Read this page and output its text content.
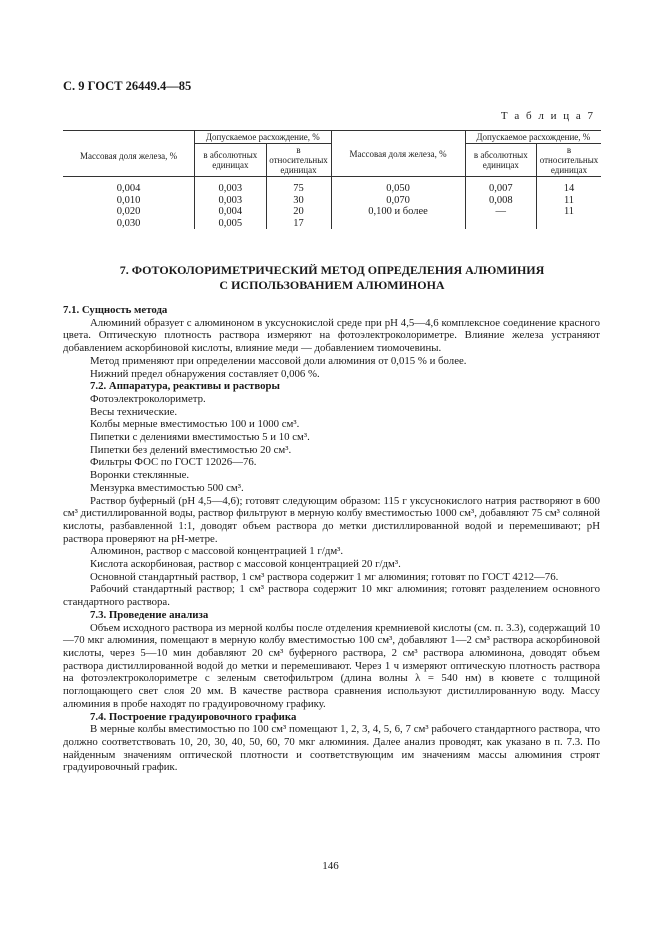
С. 9 ГОСТ 26449.4—85
Т а б л и ц а 7
Массовая доля железа, %	Допускаемое расхождение, %		Массовая доля железа, %	Допускаемое расхождение, %	
	в абсолютных единицах	в относительных единицах		в абсолютных единицах	в относительных единицах
0,004	0,003	75	0,050	0,007	14
0,010	0,003	30	0,070	0,008	11
0,020	0,004	20	0,100 и более	—	11
0,030	0,005	17			
7. ФОТОКОЛОРИМЕТРИЧЕСКИЙ МЕТОД ОПРЕДЕЛЕНИЯ АЛЮМИНИЯ
С ИСПОЛЬЗОВАНИЕМ АЛЮМИНОНА
7.1. Сущность метода

Алюминий образует с алюминоном в уксуснокислой среде при pH 4,5—4,6 комплексное соединение красного цвета. Оптическую плотность раствора измеряют на фотоэлектроколориметре. Влияние железа устраняют добавлением аскорбиновой кислоты, влияние меди — добавлением тиомочевины.

Метод применяют при определении массовой доли алюминия от 0,015 % и более.

Нижний предел обнаружения составляет 0,006 %.

7.2. Аппаратура, реактивы и растворы

Фотоэлектроколориметр.

Весы технические.

Колбы мерные вместимостью 100 и 1000 см³.

Пипетки с делениями вместимостью 5 и 10 см³.

Пипетки без делений вместимостью 20 см³.

Фильтры ФОС по ГОСТ 12026—76.

Воронки стеклянные.

Мензурка вместимостью 500 см³.

Раствор буферный (рН 4,5—4,6); готовят следующим образом: 115 г уксуснокислого натрия растворяют в 600 см³ дистиллированной воды, раствор фильтруют в мерную колбу вместимостью 1000 см³, добавляют 75 см³ соляной кислоты, разбавленной 1:1, доводят объем раствора до метки дистиллированной водой и перемешивают; рН раствора проверяют на рН-метре.

Алюминон, раствор с массовой концентрацией 1 г/дм³.

Кислота аскорбиновая, раствор с массовой концентрацией 20 г/дм³.

Основной стандартный раствор, 1 см³ раствора содержит 1 мг алюминия; готовят по ГОСТ 4212—76.

Рабочий стандартный раствор; 1 см³ раствора содержит 10 мкг алюминия; готовят разделением основного стандартного раствора.

7.3. Проведение анализа

Объем исходного раствора из мерной колбы после отделения кремниевой кислоты (см. п. 3.3), содержащий 10—70 мкг алюминия, помещают в мерную колбу вместимостью 100 см³, добавляют 1—2 см³ раствора аскорбиновой кислоты, через 5—10 мин добавляют 20 см³ буферного раствора, 2 см³ раствора алюминона, доводят объем раствора дистиллированной водой до метки и перемешивают. Через 1 ч измеряют оптическую плотность раствора на фотоэлектроколориметре с зеленым светофильтром (длина волны λ = 540 нм) в кювете с толщиной поглощающего свет слоя 20 мм. В качестве раствора сравнения используют дистиллированную воду. Массу алюминия в пробе находят по градуировочному графику.

7.4. Построение градуировочного графика

В мерные колбы вместимостью по 100 см³ помещают 1, 2, 3, 4, 5, 6, 7 см³ рабочего стандартного раствора, что должно соответствовать 10, 20, 30, 40, 50, 60, 70 мкг алюминия. Далее анализ проводят, как указано в п. 7.3. По найденным значениям оптической плотности и соответствующим им значениям массы алюминия строят градуировочный график.

146
